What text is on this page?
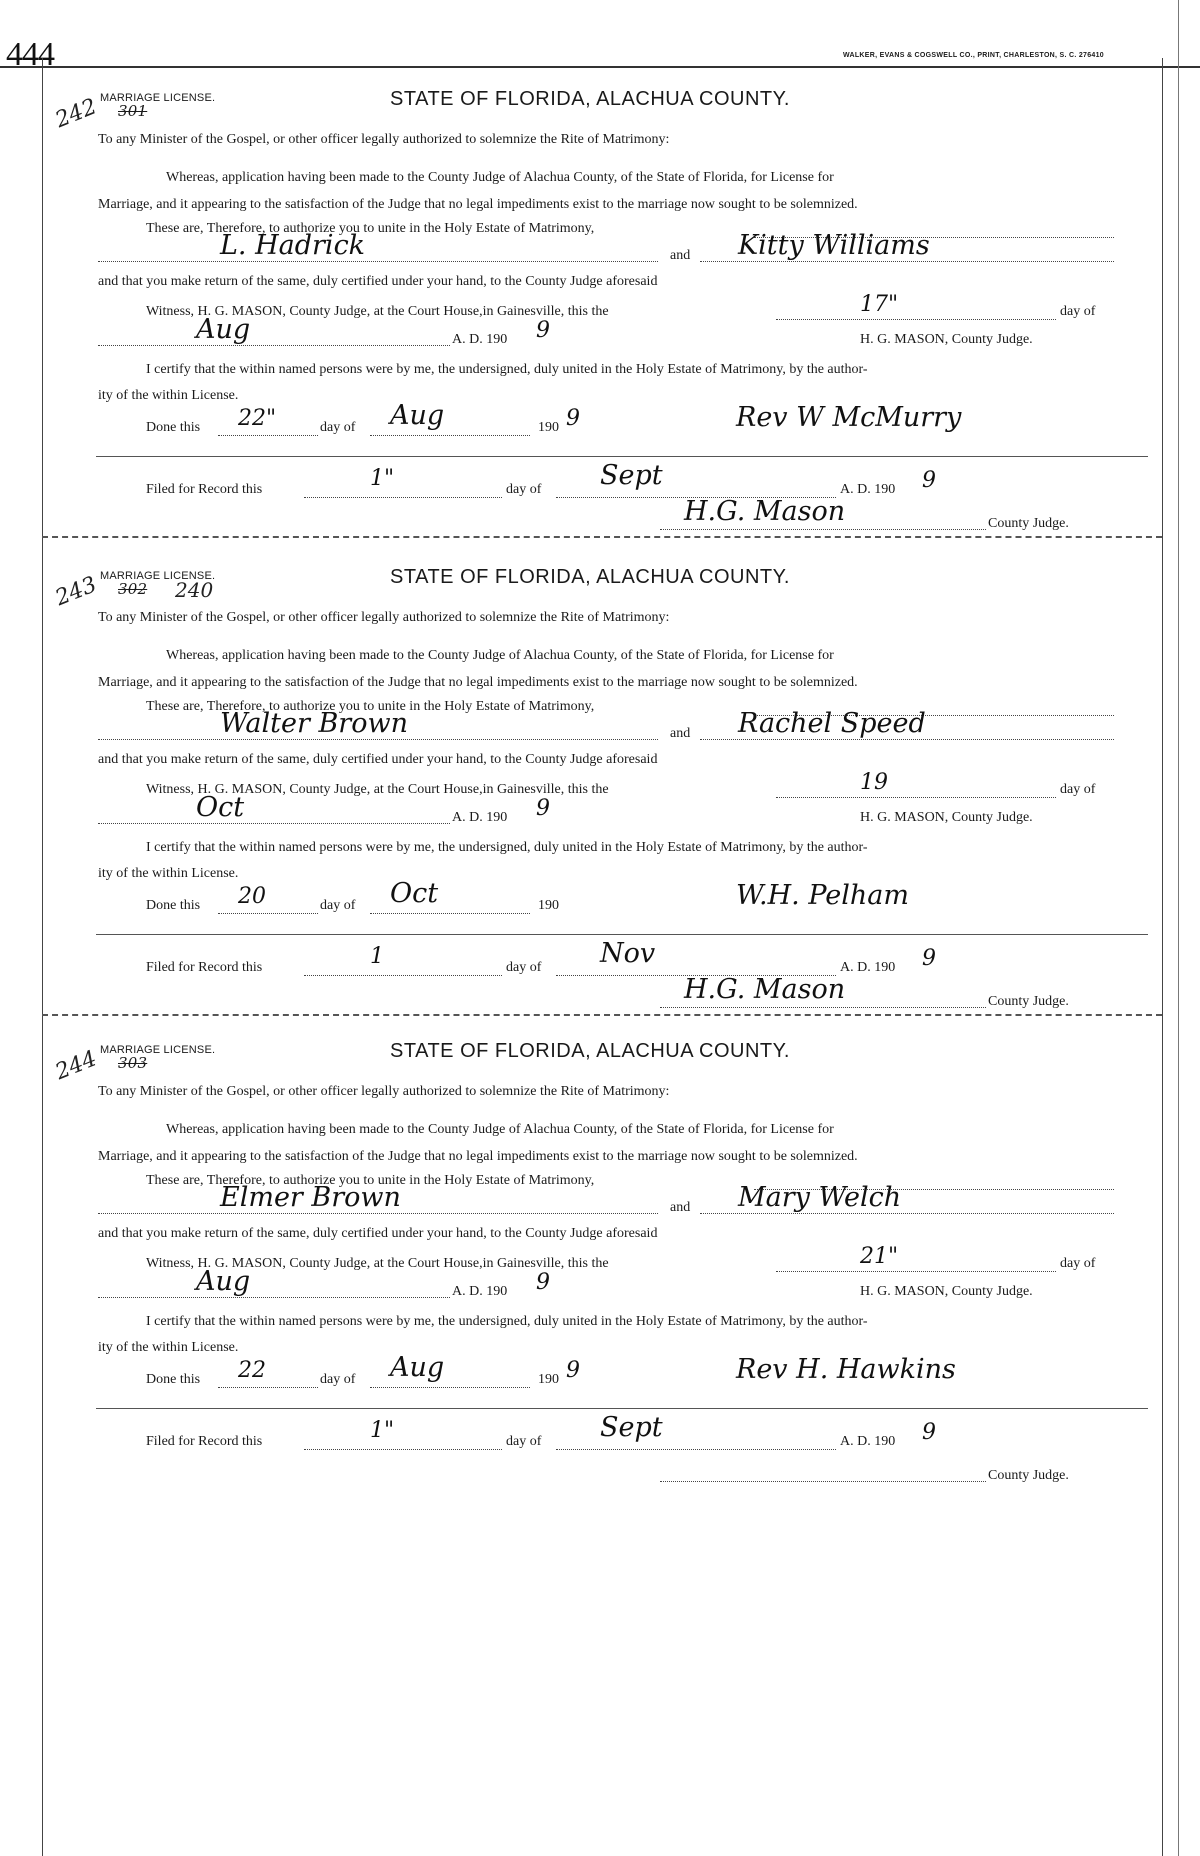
444	WALKER, EVANS & COGSWELL CO., PRINT, CHARLESTON, S. C. 276410
242 MARRIAGE LICENSE.
301
STATE OF FLORIDA, ALACHUA COUNTY.
To any Minister of the Gospel, or other officer legally authorized to solemnize the Rite of Matrimony:
Whereas, application having been made to the County Judge of Alachua County, of the State of Florida, for License for
Marriage, and it appearing to the satisfaction of the Judge that no legal impediments exist to the marriage now sought to be solemnized.
These are, Therefore, to authorize you to unite in the Holy Estate of Matrimony,
L. Hadrick	and Kitty Williams
and that you make return of the same, duly certified under your hand, to the County Judge aforesaid
Witness, H. G. MASON, County Judge, at the Court House,in Gainesville, this the	17"	day of
Aug	A. D. 190 9	H. G. MASON, County Judge.
I certify that the within named persons were by me, the undersigned, duly united in the Holy Estate of Matrimony, by the author-
ity of the within License.
Done this 22"	day of Aug	190 9	Rev W McMurry
Filed for Record this	1"	day of Sept	A. D. 190 9
H.G. Mason	County Judge.
243 MARRIAGE LICENSE.
302 240
STATE OF FLORIDA, ALACHUA COUNTY.
To any Minister of the Gospel, or other officer legally authorized to solemnize the Rite of Matrimony:
Whereas, application having been made to the County Judge of Alachua County, of the State of Florida, for License for
Marriage, and it appearing to the satisfaction of the Judge that no legal impediments exist to the marriage now sought to be solemnized.
These are, Therefore, to authorize you to unite in the Holy Estate of Matrimony,
Walter Brown	and Rachel Speed
and that you make return of the same, duly certified under your hand, to the County Judge aforesaid
Witness, H. G. MASON, County Judge, at the Court House,in Gainesville, this the	19	day of
Oct	A. D. 190 9	H. G. MASON, County Judge.
I certify that the within named persons were by me, the undersigned, duly united in the Holy Estate of Matrimony, by the author-
ity of the within License.
Done this 20	day of Oct	190	W.H. Pelham
Filed for Record this	1	day of Nov	A. D. 190 9
H.G. Mason	County Judge.
244 MARRIAGE LICENSE.
303
STATE OF FLORIDA, ALACHUA COUNTY.
To any Minister of the Gospel, or other officer legally authorized to solemnize the Rite of Matrimony:
Whereas, application having been made to the County Judge of Alachua County, of the State of Florida, for License for
Marriage, and it appearing to the satisfaction of the Judge that no legal impediments exist to the marriage now sought to be solemnized.
These are, Therefore, to authorize you to unite in the Holy Estate of Matrimony,
Elmer Brown	and Mary Welch
and that you make return of the same, duly certified under your hand, to the County Judge aforesaid
Witness, H. G. MASON, County Judge, at the Court House,in Gainesville, this the	21"	day of
Aug	A. D. 190 9	H. G. MASON, County Judge.
I certify that the within named persons were by me, the undersigned, duly united in the Holy Estate of Matrimony, by the author-
ity of the within License.
Done this 22	day of Aug	190 9	Rev H. Hawkins
Filed for Record this	1"	day of Sept	A. D. 190 9
County Judge.
